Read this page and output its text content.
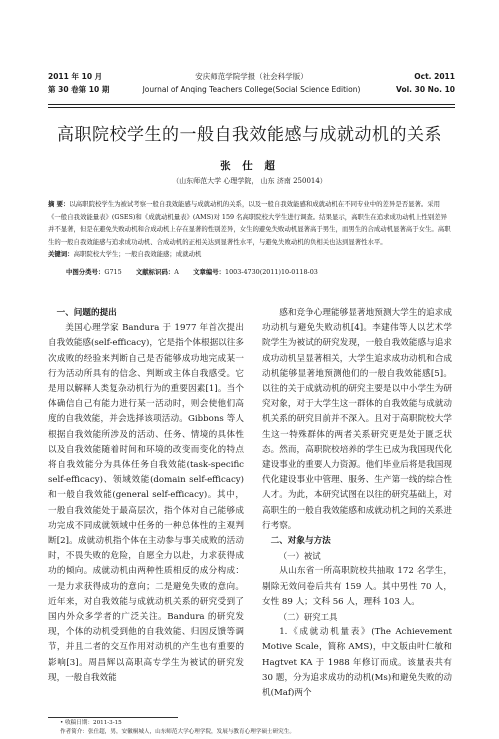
2011 年 10 月
第 30 卷第 10 期
安庆师范学院学报（社会科学版）
Journal of Anqing Teachers College(Social Science Edition)
Oct. 2011
Vol. 30 No. 10
高职院校学生的一般自我效能感与成就动机的关系
张 仕 超
（山东师范大学 心理学院， 山东 济南 250014）
摘 要：以高职院校学生为被试考察一般自我效能感与成就动机的关系，以及一般自我效能感和成就动机在不同专业中的差异是否显著。采用《一般自我效能量表》(GSES)和《成就动机量表》(AMS)对 159 名高职院校大学生进行调查。结果显示，高职生在追求成功动机上性别差异并不显著，但是在避免失败动机和合成动机上存在显著的性别差异，女生的避免失败动机显著高于男生，而男生的合成动机显著高于女生。高职生的一般自我效能感与追求成功动机、合成动机的正相关达到显著性水平，与避免失败动机的负相关也达到显著性水平。
关键词：高职院校大学生；一般自我效能感；成就动机
中图分类号：G715 文献标识码：A 文章编号：1003-4730(2011)10-0118-03

一、问题的提出

美国心理学家 Bandura 于 1977 年首次提出自我效能感(self-efficacy)，它是指个体根据以往多次成败的经验来判断自己是否能够成功地完成某一行为活动所具有的信念、判断或主体自我感受。它是用以解释人类复杂动机行为的重要因素[1]。当个体确信自己有能力进行某一活动时，则会使他们高度的自我效能，并会选择该项活动。Gibbons 等人根据自我效能所涉及的活动、任务、情境的具体性以及自我效能随着时间和环境的改变而变化的特点将自我效能分为具体任务自我效能(task-specific self-efficacy)、领域效能(domain self-efficacy)和一般自我效能(general self-efficacy)。其中，一般自我效能处于最高层次，指个体对自己能够成功完成不同成就领域中任务的一种总体性的主观判断[2]。成就动机指个体在主动参与事关成败的活动时，不畏失败的危险，自愿全力以赴，力求获得成功的倾向。成就动机由两种性质相反的成分构成：一是力求获得成功的意向；二是避免失败的意向。近年来，对自我效能与成就动机关系的研究受到了国内外众多学者的广泛关注。Bandura 的研究发现，个体的动机受到他的自我效能、归因反馈等调节，并且二者的交互作用对动机的产生也有重要的影响[3]。周昌辉以高职高专学生为被试的研究发现，一般自我效能

感和竞争心理能够显著地预测大学生的追求成功动机与避免失败动机[4]。李建伟等人以艺术学院学生为被试的研究发现，一般自我效能感与追求成功动机呈显著相关，大学生追求成功动机和合成动机能够显著地预测他们的一般自我效能感[5]。以往的关于成就动机的研究主要是以中小学生为研究对象，对于大学生这一群体的自我效能与成就动机关系的研究目前并不深入。且对于高职院校大学生这一特殊群体的两者关系研究更是处于匮乏状态。然而，高职院校培养的学生已成为我国现代化建设事业的重要人力资源。他们毕业后将是我国现代化建设事业中管理、服务、生产第一线的综合性人才。为此，本研究试图在以往的研究基础上，对高职生的一般自我效能感和成就动机之间的关系进行考察。

二、对象与方法

（一）被试

从山东省一所高职院校共抽取 172 名学生，剔除无效问卷后共有 159 人。其中男性 70 人，女性 89 人；文科 56 人，理科 103 人。

（二）研究工具

1.《成就动机量表》(The Achievement Motive Scale，简称 AMS)，中文版由叶仁敏和 Hagtvet KA 于 1988 年修订而成。该量表共有 30 题，分为追求成功的动机(Ms)和避免失败的动机(Maf)两个

• 收稿日期：2011-3-15
作者简介：张仕超，男，安徽桐城人，山东师范大学心理学院，发展与教育心理学硕士研究生。
